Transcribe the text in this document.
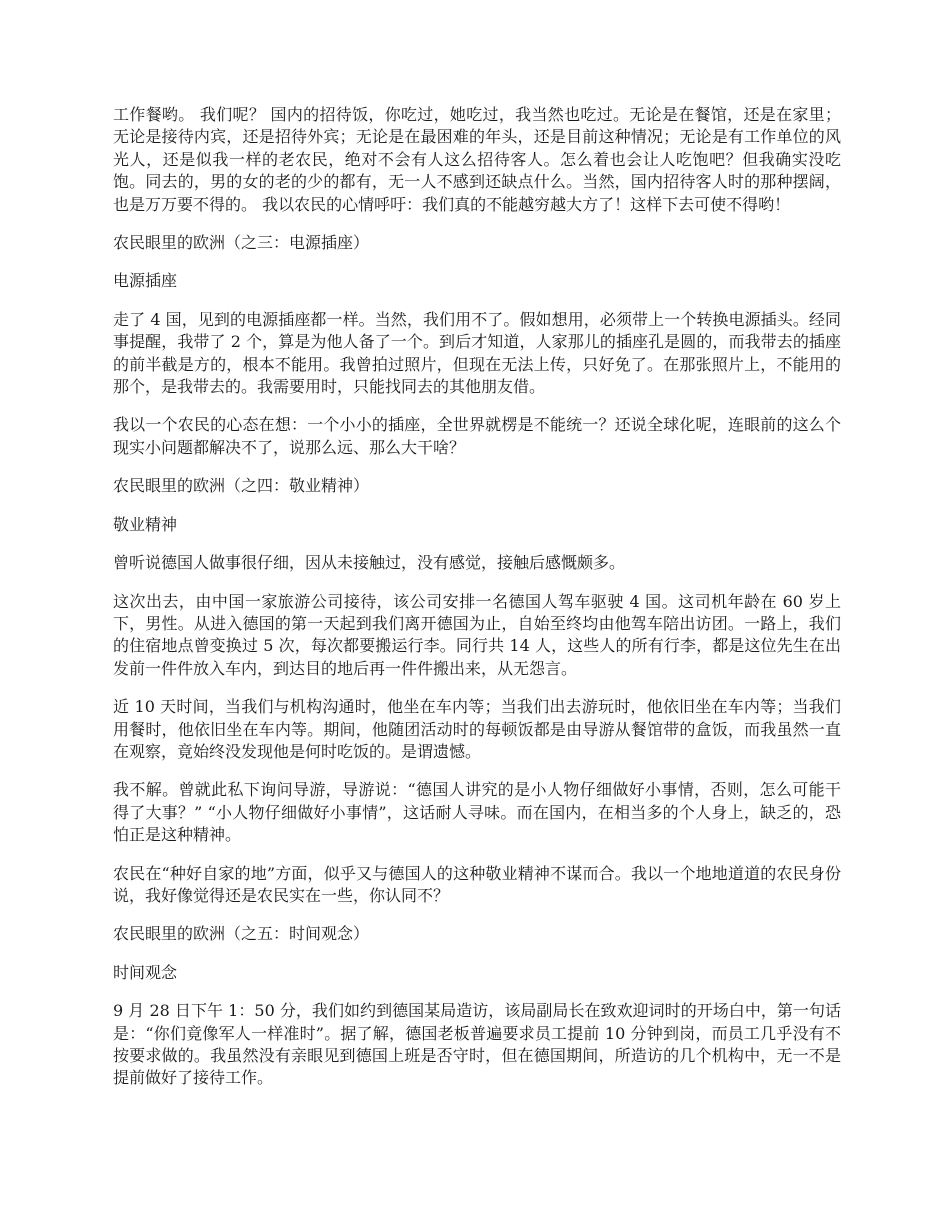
工作餐哟。 我们呢？ 国内的招待饭，你吃过，她吃过，我当然也吃过。无论是在餐馆，还是在家里；无论是接待内宾，还是招待外宾；无论是在最困难的年头，还是目前这种情况；无论是有工作单位的风光人，还是似我一样的老农民，绝对不会有人这么招待客人。怎么着也会让人吃饱吧？但我确实没吃饱。同去的，男的女的老的少的都有，无一人不感到还缺点什么。当然，国内招待客人时的那种摆阔，也是万万要不得的。 我以农民的心情呼吁：我们真的不能越穷越大方了！这样下去可使不得哟！

农民眼里的欧洲（之三：电源插座）

电源插座

走了 4 国，见到的电源插座都一样。当然，我们用不了。假如想用，必须带上一个转换电源插头。经同事提醒，我带了 2 个，算是为他人备了一个。到后才知道，人家那儿的插座孔是圆的，而我带去的插座的前半截是方的，根本不能用。我曾拍过照片，但现在无法上传，只好免了。在那张照片上，不能用的那个，是我带去的。我需要用时，只能找同去的其他朋友借。

我以一个农民的心态在想：一个小小的插座，全世界就楞是不能统一？还说全球化呢，连眼前的这么个现实小问题都解决不了，说那么远、那么大干啥？

农民眼里的欧洲（之四：敬业精神）

敬业精神

曾听说德国人做事很仔细，因从未接触过，没有感觉，接触后感慨颇多。

这次出去，由中国一家旅游公司接待，该公司安排一名德国人驾车驱驶 4 国。这司机年龄在 60 岁上下，男性。从进入德国的第一天起到我们离开德国为止，自始至终均由他驾车陪出访团。一路上，我们的住宿地点曾变换过 5 次，每次都要搬运行李。同行共 14 人，这些人的所有行李，都是这位先生在出发前一件件放入车内，到达目的地后再一件件搬出来，从无怨言。

近 10 天时间，当我们与机构沟通时，他坐在车内等；当我们出去游玩时，他依旧坐在车内等；当我们用餐时，他依旧坐在车内等。期间，他随团活动时的每顿饭都是由导游从餐馆带的盒饭，而我虽然一直在观察，竟始终没发现他是何时吃饭的。是谓遗憾。

我不解。曾就此私下询问导游，导游说：“德国人讲究的是小人物仔细做好小事情，否则，怎么可能干得了大事？” “小人物仔细做好小事情”，这话耐人寻味。而在国内，在相当多的个人身上，缺乏的，恐怕正是这种精神。

农民在“种好自家的地”方面，似乎又与德国人的这种敬业精神不谋而合。我以一个地地道道的农民身份说，我好像觉得还是农民实在一些，你认同不？

农民眼里的欧洲（之五：时间观念）

时间观念

9 月 28 日下午 1：50 分，我们如约到德国某局造访，该局副局长在致欢迎词时的开场白中，第一句话是：“你们竟像军人一样准时”。据了解，德国老板普遍要求员工提前 10 分钟到岗，而员工几乎没有不按要求做的。我虽然没有亲眼见到德国上班是否守时，但在德国期间，所造访的几个机构中，无一不是提前做好了接待工作。
